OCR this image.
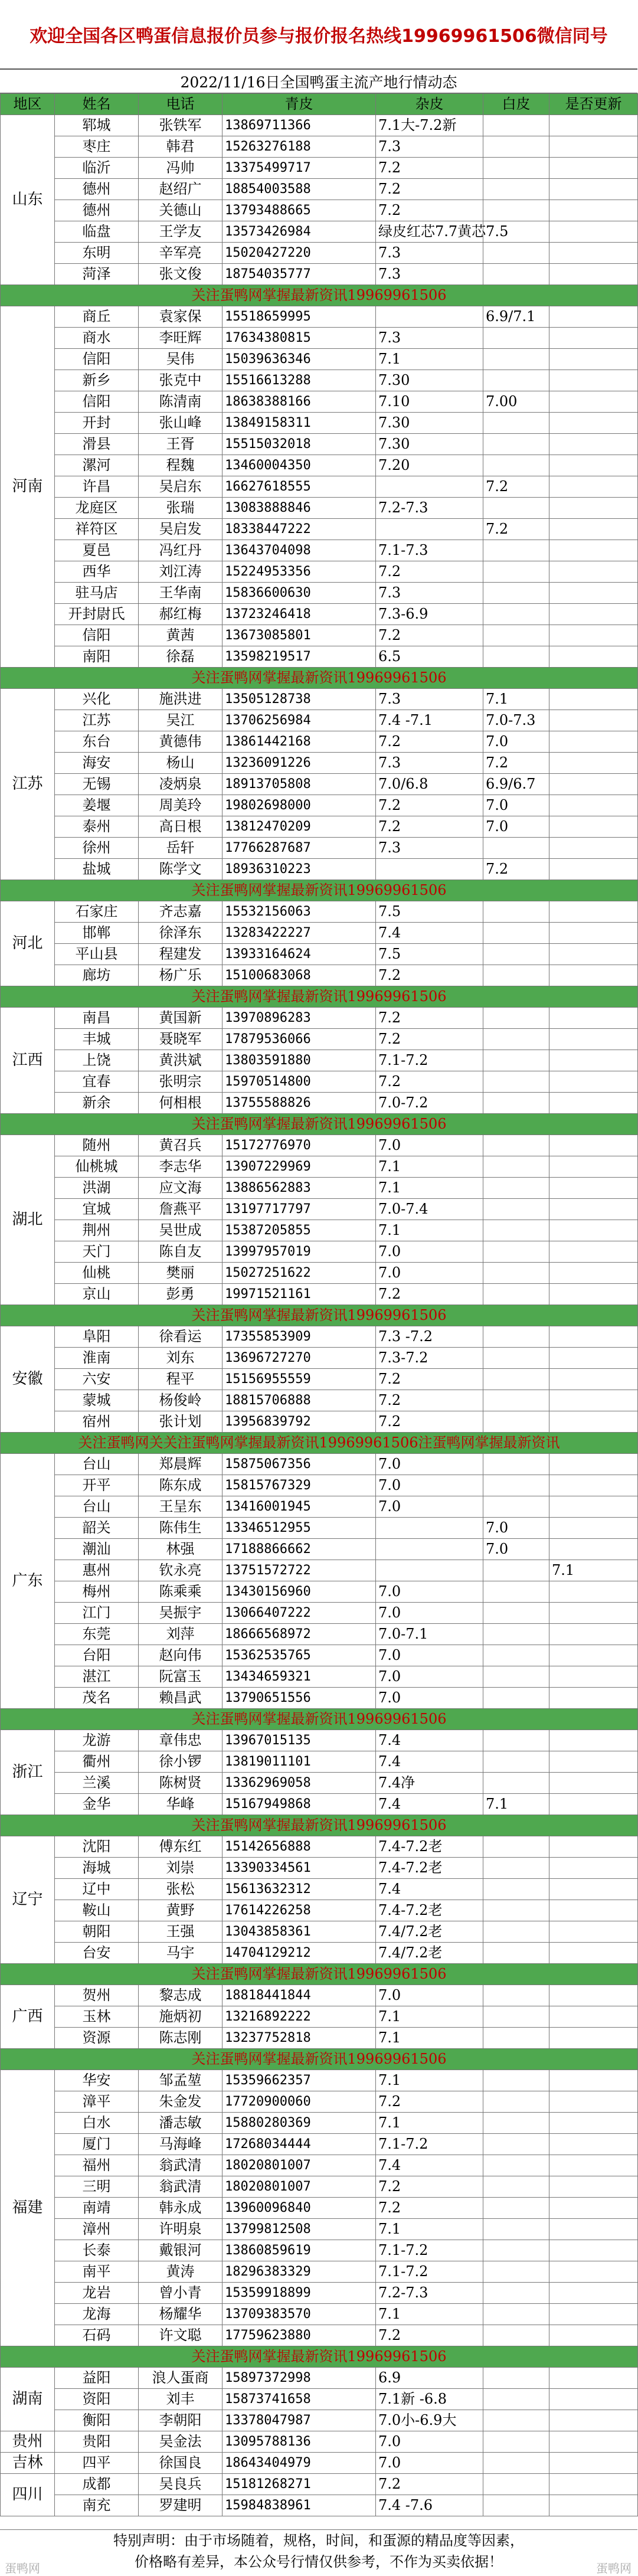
欢迎全国各区鸭蛋信息报价员参与报价报名热线19969961506微信同号
2022/11/16日全国鸭蛋主流产地行情动态
地区	姓名	电话	青皮	杂皮	白皮	是否更新	
山东	郓城	张铁军	13869711366	7.1大-7.2新			
	枣庄	韩君	15263276188	7.3			
	临沂	冯帅	13375499717	7.2			
	德州	赵绍广	18854003588	7.2			
	德州	关德山	13793488665	7.2			
	临盘	王学友	13573426984	绿皮红芯7.7黄芯7.5			
	东明	辛军亮	15020427220	7.3			
	菏泽	张文俊	18754035777	7.3			
关注蛋鸭网掌握最新资讯19969961506							
河南	商丘	袁家保	15518659995		6.9/7.1		
	商水	李旺辉	17634380815	7.3			
	信阳	吴伟	15039636346	7.1			
	新乡	张克中	15516613288	7.30			
	信阳	陈清南	18638388166	7.10	7.00		
	开封	张山峰	13849158311	7.30			
	滑县	王胥	15515032018	7.30			
	漯河	程魏	13460004350	7.20			
	许昌	吴启东	16627618555		7.2		
	龙庭区	张瑞	13083888846	7.2-7.3			
	祥符区	吴启发	18338447222		7.2		
	夏邑	冯红丹	13643704098	7.1-7.3			
	西华	刘江涛	15224953356	7.2			
	驻马店	王华南	15836600630	7.3			
	开封尉氏	郝红梅	13723246418	7.3-6.9			
	信阳	黄茜	13673085801	7.2			
	南阳	徐磊	13598219517	6.5			
关注蛋鸭网掌握最新资讯19969961506							
江苏	兴化	施洪进	13505128738	7.3	7.1		
	江苏	吴江	13706256984	7.4 -7.1	7.0-7.3		
	东台	黄德伟	13861442168	7.2	7.0		
	海安	杨山	13236091226	7.3	7.2		
	无锡	凌炳泉	18913705808	7.0/6.8	6.9/6.7		
	姜堰	周美玲	19802698000	7.2	7.0		
	泰州	高日根	13812470209	7.2	7.0		
	徐州	岳轩	17766287687	7.3			
	盐城	陈学文	18936310223		7.2		
关注蛋鸭网掌握最新资讯19969961506							
河北	石家庄	齐志嘉	15532156063	7.5			
	邯郸	徐泽东	13283422227	7.4			
	平山县	程建发	13933164624	7.5			
	廊坊	杨广乐	15100683068	7.2			
关注蛋鸭网掌握最新资讯19969961506							
江西	南昌	黄国新	13970896283	7.2			
	丰城	聂晓军	17879536066	7.2			
	上饶	黄洪斌	13803591880	7.1-7.2			
	宜春	张明宗	15970514800	7.2			
	新余	何相根	13755588826	7.0-7.2			
关注蛋鸭网掌握最新资讯19969961506							
湖北	随州	黄召兵	15172776970	7.0			
	仙桃城	李志华	13907229969	7.1			
	洪湖	应文海	13886562883	7.1			
	宜城	詹燕平	13197717797	7.0-7.4			
	荆州	吴世成	15387205855	7.1			
	天门	陈自友	13997957019	7.0			
	仙桃	樊丽	15027251622	7.0			
	京山	彭勇	19971521161	7.2			
关注蛋鸭网掌握最新资讯19969961506							
安徽	阜阳	徐看运	17355853909	7.3 -7.2			
	淮南	刘东	13696727270	7.3-7.2			
	六安	程平	15156955559	7.2			
	蒙城	杨俊岭	18815706888	7.2			
	宿州	张计划	13956839792	7.2			
关注蛋鸭网关关注蛋鸭网掌握最新资讯19969961506注蛋鸭网掌握最新资讯							
广东	台山	郑晨辉	15875067356	7.0			
	开平	陈东成	15815767329	7.0			
	台山	王呈东	13416001945	7.0			
	韶关	陈伟生	13346512955		7.0		
	潮汕	林强	17188866662		7.0		
	惠州	钦永亮	13751572722			7.1	
	梅州	陈乘乘	13430156960	7.0			
	江门	吴振宇	13066407222	7.0			
	东莞	刘萍	18666568972	7.0-7.1			
	台阳	赵向伟	15362535765	7.0			
	湛江	阮富玉	13434659321	7.0			
	茂名	赖昌武	13790651556	7.0			
关注蛋鸭网掌握最新资讯19969961506							
浙江	龙游	章伟忠	13967015135	7.4			
	衢州	徐小锣	13819011101	7.4			
	兰溪	陈树贤	13362969058	7.4净			
	金华	华峰	15167949868	7.4	7.1		
关注蛋鸭网掌握最新资讯19969961506							
辽宁	沈阳	傅东红	15142656888	7.4-7.2老			
	海城	刘崇	13390334561	7.4-7.2老			
	辽中	张松	15613632312	7.4			
	鞍山	黄野	17614226258	7.4-7.2老			
	朝阳	王强	13043858361	7.4/7.2老			
	台安	马宇	14704129212	7.4/7.2老			
关注蛋鸭网掌握最新资讯19969961506							
广西	贺州	黎志成	18818441844	7.0			
	玉林	施炳初	13216892222	7.1			
	资源	陈志刚	13237752818	7.1			
关注蛋鸭网掌握最新资讯19969961506							
福建	华安	邹孟堃	15359662357	7.1			
	漳平	朱金发	17720900060	7.2			
	白水	潘志敏	15880280369	7.1			
	厦门	马海峰	17268034444	7.1-7.2			
	福州	翁武清	18020801007	7.4			
	三明	翁武清	18020801007	7.2			
	南靖	韩永成	13960096840	7.2			
	漳州	许明泉	13799812508	7.1			
	长泰	戴银河	13860859619	7.1-7.2			
	南平	黄涛	18296383329	7.1-7.2			
	龙岩	曾小青	15359918899	7.2-7.3			
	龙海	杨耀华	13709383570	7.1			
	石码	许文聪	17759623880	7.2			
关注蛋鸭网掌握最新资讯19969961506							
湖南	益阳	浪人蛋商	15897372998	6.9			
	资阳	刘丰	15873741658	7.1新 -6.8			
	衡阳	李朝阳	13378047987	7.0小-6.9大			
贵州	贵阳	吴金法	13095788136	7.0			
吉林	四平	徐国良	18643404979	7.0			
四川	成都	吴良兵	15181268271	7.2			
	南充	罗建明	15984838961	7.4 -7.6			
特别声明：由于市场随着，规格，时间，和蛋源的精品度等因素，
价格略有差异，本公众号行情仅供参考，不作为买卖依据！
蛋鸭网	蛋鸭网
